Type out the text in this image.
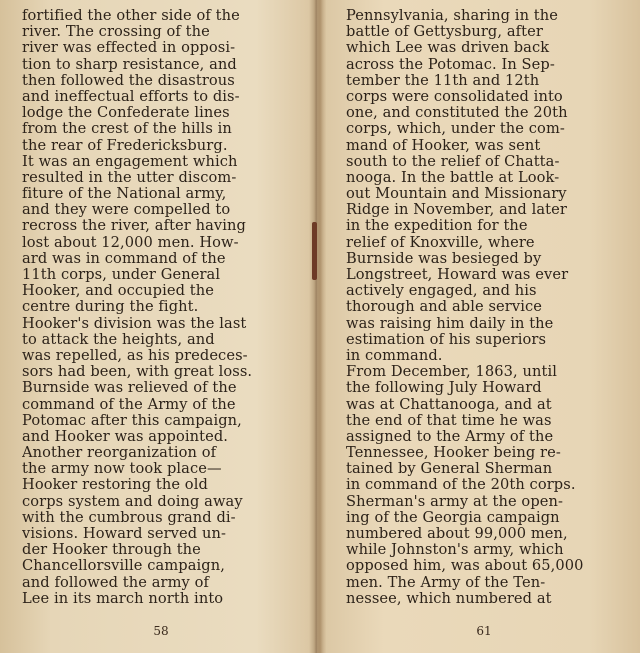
fortified the other side of the
river. The crossing of the
river was effected in opposi-
tion to sharp resistance, and
then followed the disastrous
and ineffectual efforts to dis-
lodge the Confederate lines
from the crest of the hills in
the rear of Fredericksburg.
It was an engagement which
resulted in the utter discom-
fiture of the National army,
and they were compelled to
recross the river, after having
lost about 12,000 men. How-
ard was in command of the
11th corps, under General
Hooker, and occupied the
centre during the fight.
Hooker's division was the last
to attack the heights, and
was repelled, as his predeces-
sors had been, with great loss.
Burnside was relieved of the
command of the Army of the
Potomac after this campaign,
and Hooker was appointed.
Another reorganization of
the army now took place—
Hooker restoring the old
corps system and doing away
with the cumbrous grand di-
visions. Howard served un-
der Hooker through the
Chancellorsville campaign,
and followed the army of
Lee in its march north into
58
Pennsylvania, sharing in the
battle of Gettysburg, after
which Lee was driven back
across the Potomac. In Sep-
tember the 11th and 12th
corps were consolidated into
one, and constituted the 20th
corps, which, under the com-
mand of Hooker, was sent
south to the relief of Chatta-
nooga. In the battle at Look-
out Mountain and Missionary
Ridge in November, and later
in the expedition for the
relief of Knoxville, where
Burnside was besieged by
Longstreet, Howard was ever
actively engaged, and his
thorough and able service
was raising him daily in the
estimation of his superiors
in command.
From December, 1863, until
the following July Howard
was at Chattanooga, and at
the end of that time he was
assigned to the Army of the
Tennessee, Hooker being re-
tained by General Sherman
in command of the 20th corps.
Sherman's army at the open-
ing of the Georgia campaign
numbered about 99,000 men,
while Johnston's army, which
opposed him, was about 65,000
men. The Army of the Ten-
nessee, which numbered at
61
